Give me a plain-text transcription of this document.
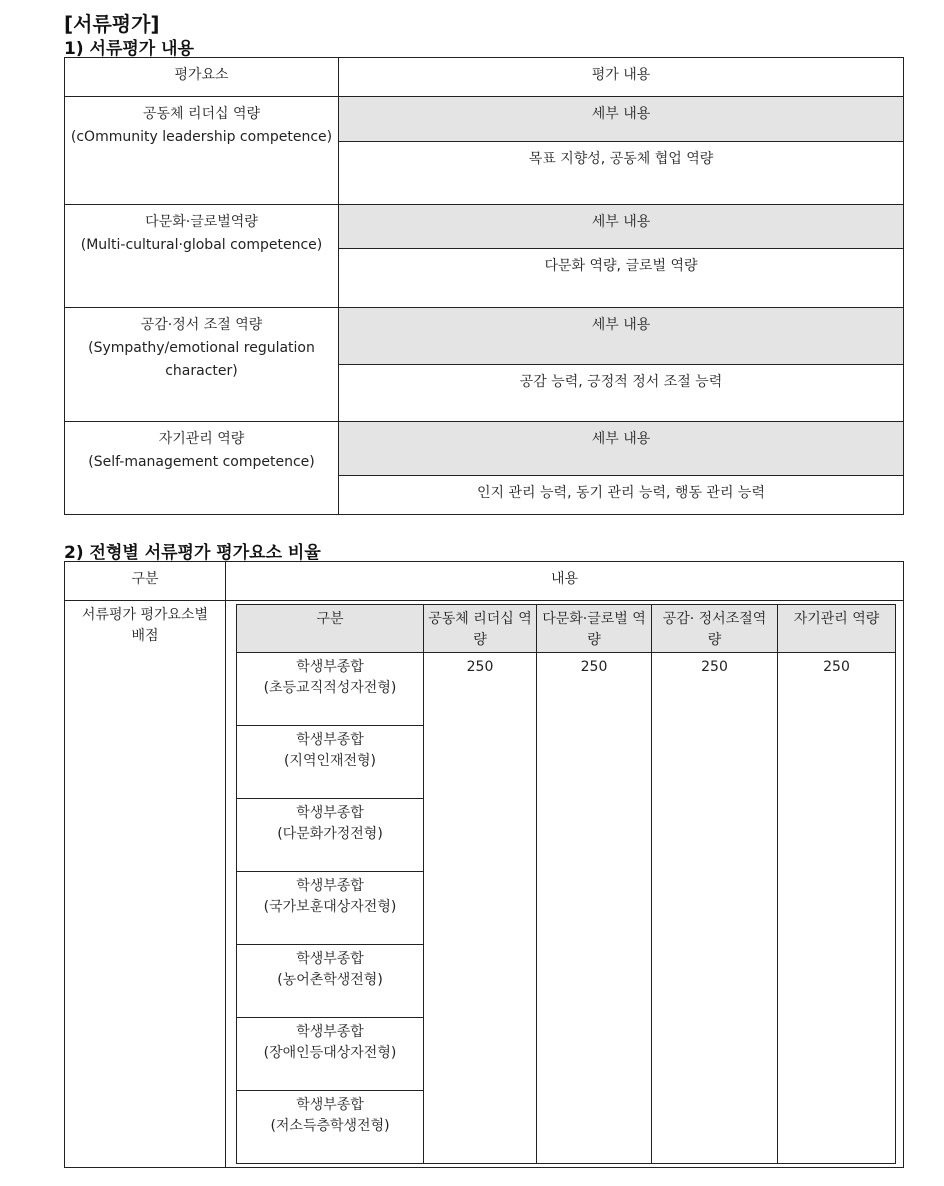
[서류평가]
1) 서류평가 내용
평가요소	평가 내용

공동체 리더십 역량
(cOmmunity leadership competence)	세부 내용
	목표 지향성, 공동체 협업 역량

다문화·글로벌역량
(Multi-cultural·global competence)	세부 내용
	다문화 역량, 글로벌 역량

공감·정서 조절 역량
(Sympathy/emotional regulation character)	세부 내용
	공감 능력, 긍정적 정서 조절 능력

자기관리 역량
(Self-management competence)	세부 내용
	인지 관리 능력, 동기 관리 능력, 행동 관리 능력
구분	내용
서류평가 평가요소별 배점	
구분	공동체 리더십 역량	다문화·글로벌 역량	공감· 정서조절역량	자기관리 역량

학생부종합
(초등교직적성자전형)
	250	250	250	250

학생부종합
(지역인재전형)

학생부종합
(다문화가정전형)

학생부종합
(국가보훈대상자전형)

학생부종합
(농어촌학생전형)

학생부종합
(장애인등대상자전형)

학생부종합
(저소득층학생전형)
2) 전형별 서류평가 평가요소 비율
